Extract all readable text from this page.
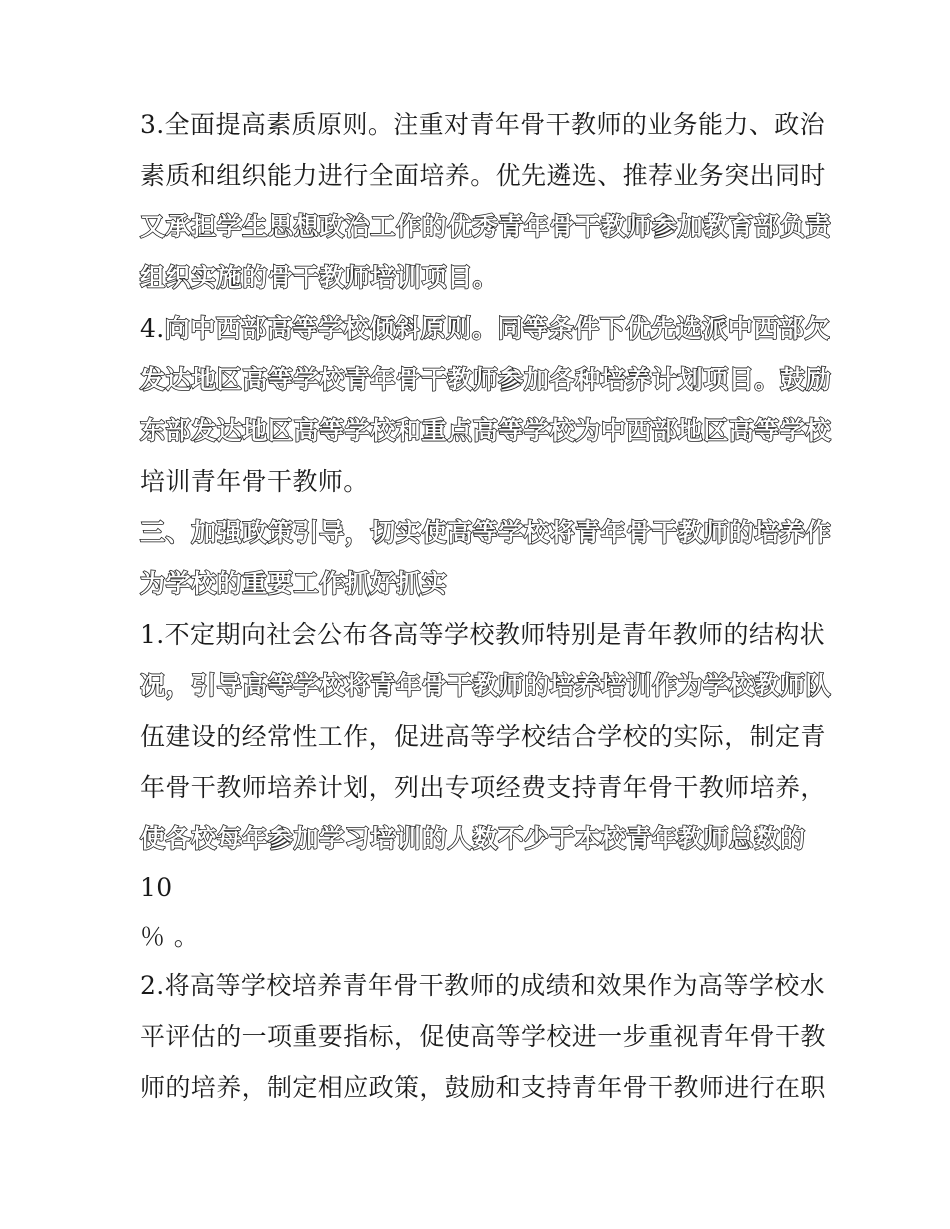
3.全面提高素质原则。注重对青年骨干教师的业务能力、政治
素质和组织能力进行全面培养。优先遴选、推荐业务突出同时
又承担学生思想政治工作的优秀青年骨干教师参加教育部负责
组织实施的骨干教师培训项目。
4.向中西部高等学校倾斜原则。同等条件下优先选派中西部欠
发达地区高等学校青年骨干教师参加各种培养计划项目。鼓励
东部发达地区高等学校和重点高等学校为中西部地区高等学校
培训青年骨干教师。
三、加强政策引导，切实使高等学校将青年骨干教师的培养作
为学校的重要工作抓好抓实
1.不定期向社会公布各高等学校教师特别是青年教师的结构状
况，引导高等学校将青年骨干教师的培养培训作为学校教师队
伍建设的经常性工作，促进高等学校结合学校的实际，制定青
年骨干教师培养计划，列出专项经费支持青年骨干教师培养，
使各校每年参加学习培训的人数不少于本校青年教师总数的
10
％ 。
2.将高等学校培养青年骨干教师的成绩和效果作为高等学校水
平评估的一项重要指标，促使高等学校进一步重视青年骨干教
师的培养，制定相应政策，鼓励和支持青年骨干教师进行在职
